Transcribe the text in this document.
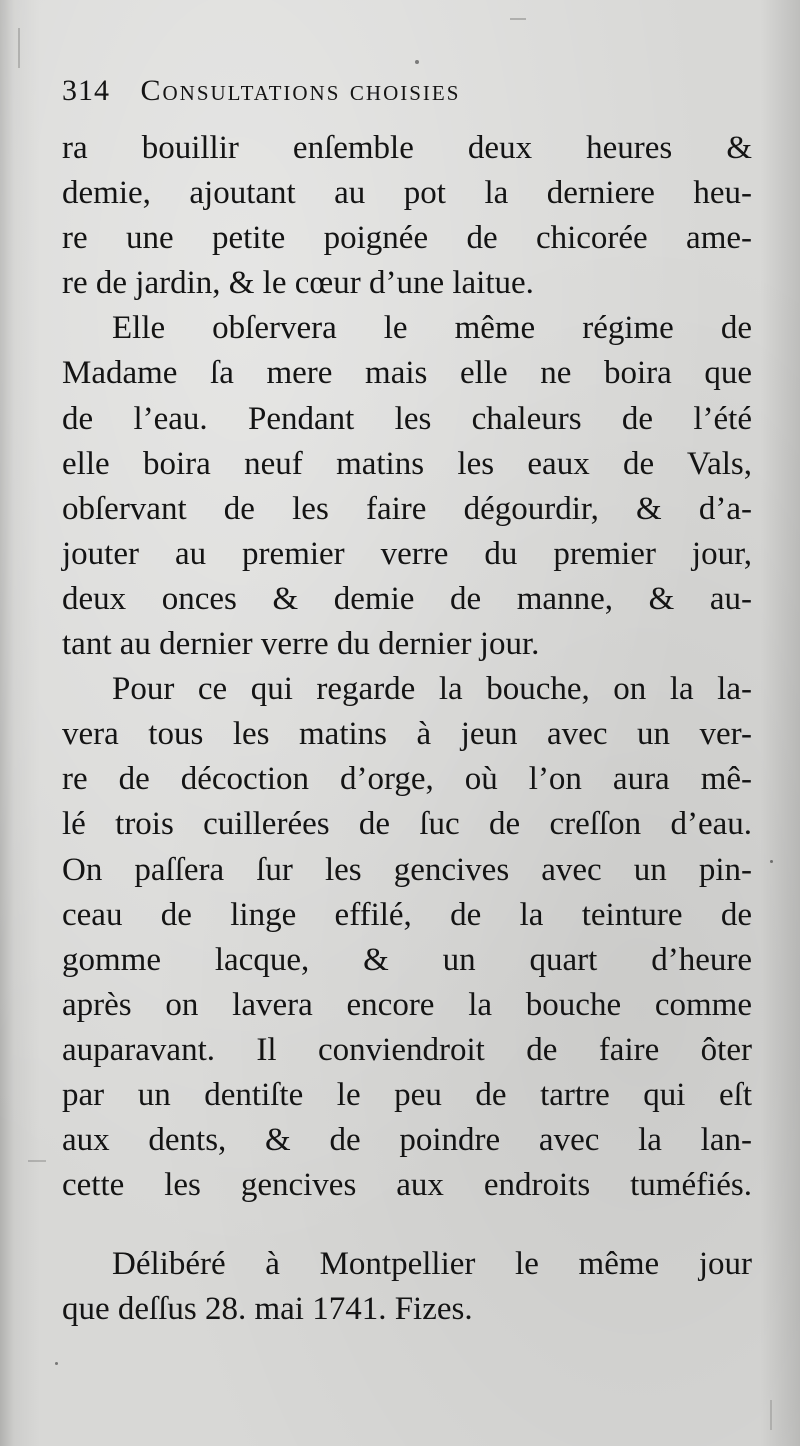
314 Consultations choisies
ra bouillir enſemble deux heures &
demie, ajoutant au pot la derniere heu-
re une petite poignée de chicorée ame-
re de jardin, & le cœur d’une laitue.
Elle obſervera le même régime de
Madame ſa mere mais elle ne boira que
de l’eau. Pendant les chaleurs de l’été
elle boira neuf matins les eaux de Vals,
obſervant de les faire dégourdir, & d’a-
jouter au premier verre du premier jour,
deux onces & demie de manne, & au-
tant au dernier verre du dernier jour.
Pour ce qui regarde la bouche, on la la-
vera tous les matins à jeun avec un ver-
re de décoction d’orge, où l’on aura mê-
lé trois cuillerées de ſuc de creſſon d’eau.
On paſſera ſur les gencives avec un pin-
ceau de linge effilé, de la teinture de
gomme lacque, & un quart d’heure
après on lavera encore la bouche comme
auparavant. Il conviendroit de faire ôter
par un dentiſte le peu de tartre qui eſt
aux dents, & de poindre avec la lan-
cette les gencives aux endroits tuméfiés.
Délibéré à Montpellier le même jour
que deſſus 28. mai 1741. Fizes.
